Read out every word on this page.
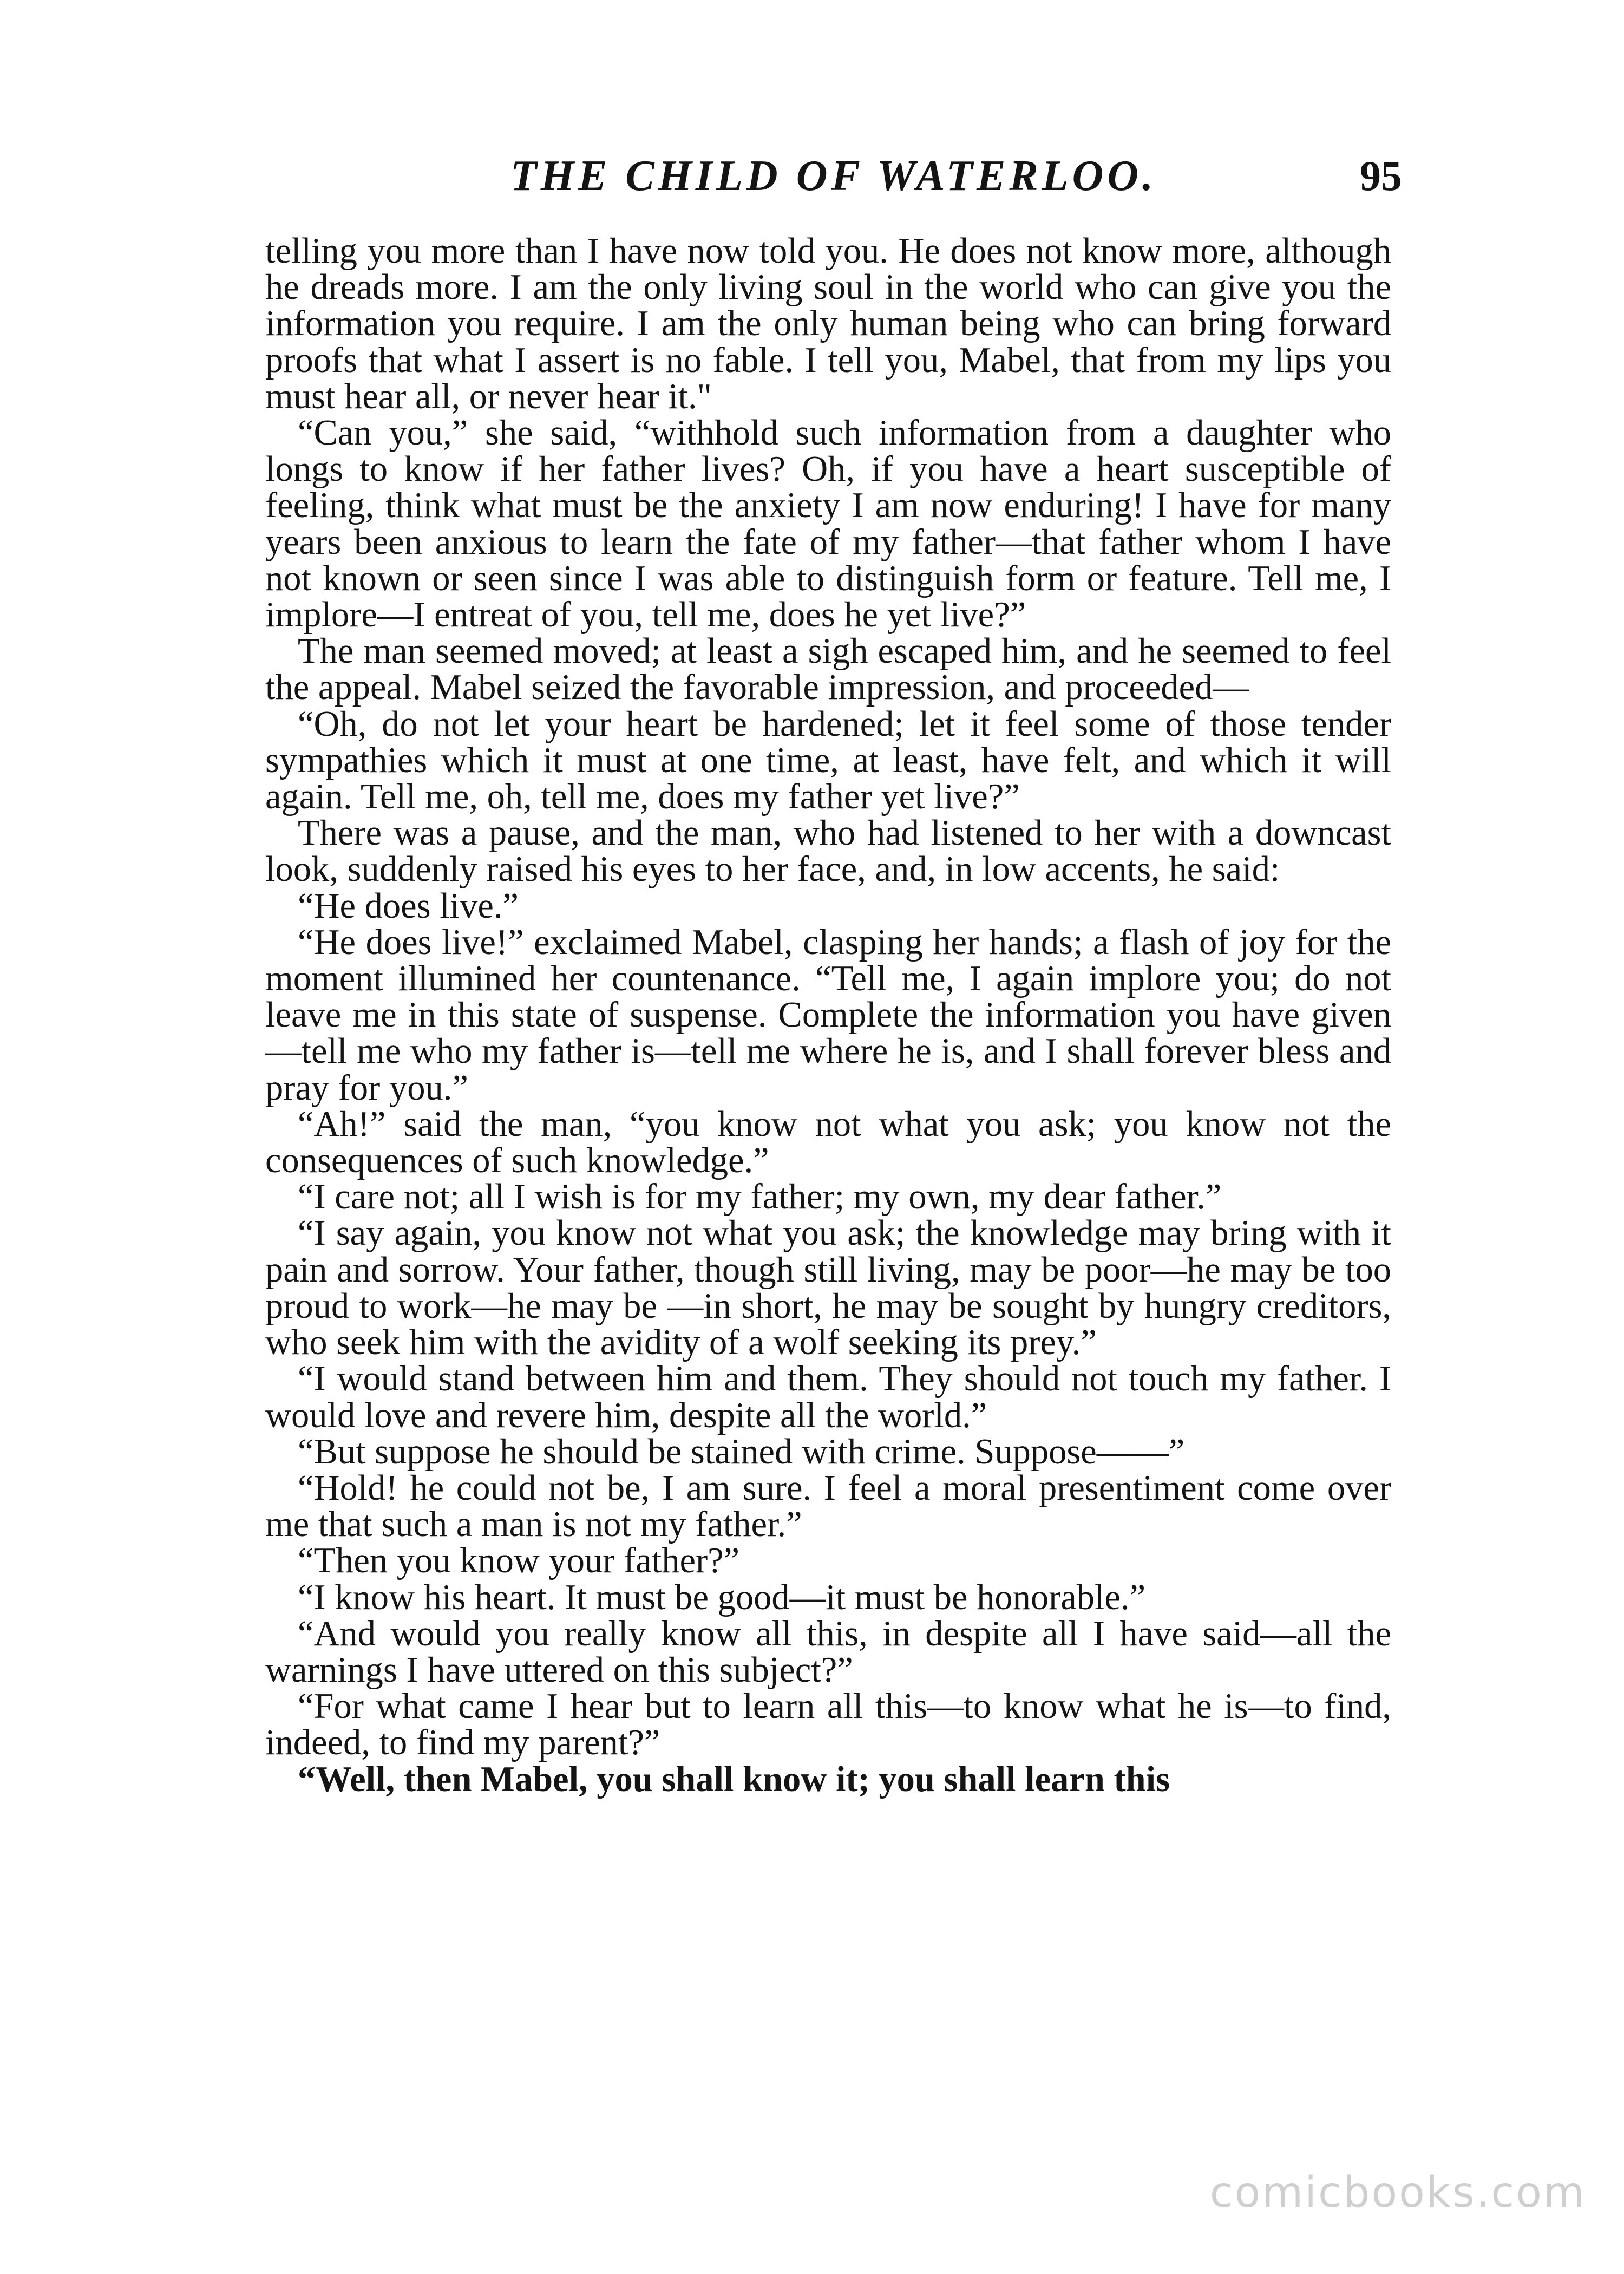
THE CHILD OF WATERLOO.	95

telling you more than I have now told you. He does not know more, although he dreads more. I am the only living soul in the world who can give you the information you require. I am the only human being who can bring forward proofs that what I assert is no fable. I tell you, Mabel, that from my lips you must hear all, or never hear it."

“Can you,” she said, “withhold such information from a daughter who longs to know if her father lives? Oh, if you have a heart susceptible of feeling, think what must be the anxiety I am now enduring! I have for many years been anxious to learn the fate of my father—that father whom I have not known or seen since I was able to distinguish form or feature. Tell me, I implore—I entreat of you, tell me, does he yet live?”

The man seemed moved; at least a sigh escaped him, and he seemed to feel the appeal. Mabel seized the favorable impression, and proceeded—

“Oh, do not let your heart be hardened; let it feel some of those tender sympathies which it must at one time, at least, have felt, and which it will again. Tell me, oh, tell me, does my father yet live?”

There was a pause, and the man, who had listened to her with a downcast look, suddenly raised his eyes to her face, and, in low accents, he said:

“He does live.”

“He does live!” exclaimed Mabel, clasping her hands; a flash of joy for the moment illumined her countenance. “Tell me, I again implore you; do not leave me in this state of suspense. Complete the information you have given—tell me who my father is—tell me where he is, and I shall forever bless and pray for you.”

“Ah!” said the man, “you know not what you ask; you know not the consequences of such knowledge.”

“I care not; all I wish is for my father; my own, my dear father.”

“I say again, you know not what you ask; the knowledge may bring with it pain and sorrow. Your father, though still living, may be poor—he may be too proud to work—he may be —in short, he may be sought by hungry creditors, who seek him with the avidity of a wolf seeking its prey.”

“I would stand between him and them. They should not touch my father. I would love and revere him, despite all the world.”

“But suppose he should be stained with crime. Suppose——”

“Hold! he could not be, I am sure. I feel a moral presentiment come over me that such a man is not my father.”

“Then you know your father?”

“I know his heart. It must be good—it must be honorable.”

“And would you really know all this, in despite all I have said—all the warnings I have uttered on this subject?”

“For what came I hear but to learn all this—to know what he is—to find, indeed, to find my parent?”

“Well, then Mabel, you shall know it; you shall learn this

comicbooks.com
